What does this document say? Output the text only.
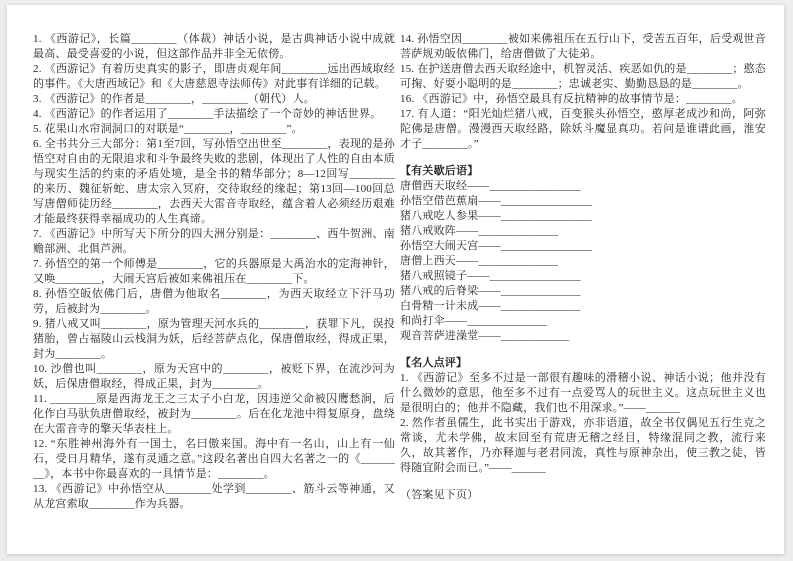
1. 《西游记》，长篇________（体裁）神话小说，是古典神话小说中成就最高、最受喜爱的小说，但这部作品并非全无依傍。

2. 《西游记》有着历史真实的影子，即唐贞观年间________远出西域取经的事件。《大唐西域记》和《大唐慈恩寺法师传》对此事有详细的记载。

3. 《西游记》的作者是________，________（朝代）人。

4. 《西游记》的作者运用了________手法描绘了一个奇妙的神话世界。

5. 花果山水帘洞洞口的对联是“________，________”。

6. 全书共分三大部分：第1至7回，写孙悟空出世至________，表现的是孙悟空对自由的无限追求和斗争最终失败的悲剧，体现出了人性的自由本质与现实生活的约束的矛盾处境，是全书的精华部分；8—12回写________的来历、魏征斩蛇、唐太宗入冥府，交待取经的缘起；第13回—100回总写唐僧师徒历经________，去西天大雷音寺取经，蕴含着人必须经历艰难才能最终获得幸福成功的人生真谛。

7. 《西游记》中所写天下所分的四大洲分别是：________、西牛贺洲、南赡部洲、北俱芦洲。

7. 孙悟空的第一个师傅是________，它的兵器原是大禹治水的定海神针，又唤________，大闹天宫后被如来佛祖压在________下。

8. 孙悟空皈依佛门后，唐僧为他取名________，为西天取经立下汗马功劳，后被封为________。

9. 猪八戒又叫________，原为管理天河水兵的________，获罪下凡，误投猪胎，曾占福陵山云栈洞为妖，后经菩萨点化，保唐僧取经，得成正果，封为________。

10. 沙僧也叫________，原为天宫中的________，被贬下界，在流沙河为妖，后保唐僧取经，得成正果，封为________。

11. ________原是西海龙王之三太子小白龙，因违逆父命被囚鹰愁涧，后化作白马驮负唐僧取经，被封为________。后在化龙池中得复原身，盘绕在大雷音寺的擎天华表柱上。

12. “东胜神州海外有一国土，名曰傲来国。海中有一名山，山上有一仙石，受日月精华，遂有灵通之意。”这段名著出自四大名著之一的《________》，本书中你最喜欢的一具情节是：________。

13. 《西游记》中孙悟空从________处学到________、筋斗云等神通，又从龙宫索取________作为兵器。

14. 孙悟空因________被如来佛祖压在五行山下，受苦五百年，后受观世音菩萨规劝皈依佛门，给唐僧做了大徒弟。

15. 在护送唐僧去西天取经途中，机智灵活、疾恶如仇的是________；憨态可掬、好耍小聪明的是________；忠诚老实、勤勤恳恳的是________。

16. 《西游记》中，孙悟空最具有反抗精神的故事情节是：________。

17. 有人道：“阳光灿烂猪八戒，百变猴头孙悟空，憨厚老成沙和尚，阿弥陀佛是唐僧。漫漫西天取经路，除妖斗魔显真功。若问是谁谱此画，淮安才子________。”

【有关歇后语】

唐僧西天取经——________________

孙悟空借芭蕉扇——________________

猪八戒吃人参果——________________

猪八戒败阵——______________

孙悟空大闹天宫——________________

唐僧上西天——______________

猪八戒照镜子——________________

猪八戒的后脊梁——______________

白骨精一计未成——______________

和尚打伞——______________

观音菩萨进澡堂——____________

【名人点评】

1. 《西游记》至多不过是一部很有趣味的滑稽小说、神话小说；他并没有什么微妙的意思，他至多不过有一点爱骂人的玩世主义。这点玩世主义也是很明白的；他并不隐藏，我们也不用深求。”——______

2. 然作者虽儒生，此书实出于游戏，亦非语道，故全书仅偶见五行生克之常谈，尤未学佛，故末回至有荒唐无稽之经目，特缘混同之教，流行来久，故其著作，乃亦释迦与老君同流，真性与原神杂出，使三教之徒，皆得随宜附会而已。”——______

（答案见下页）
